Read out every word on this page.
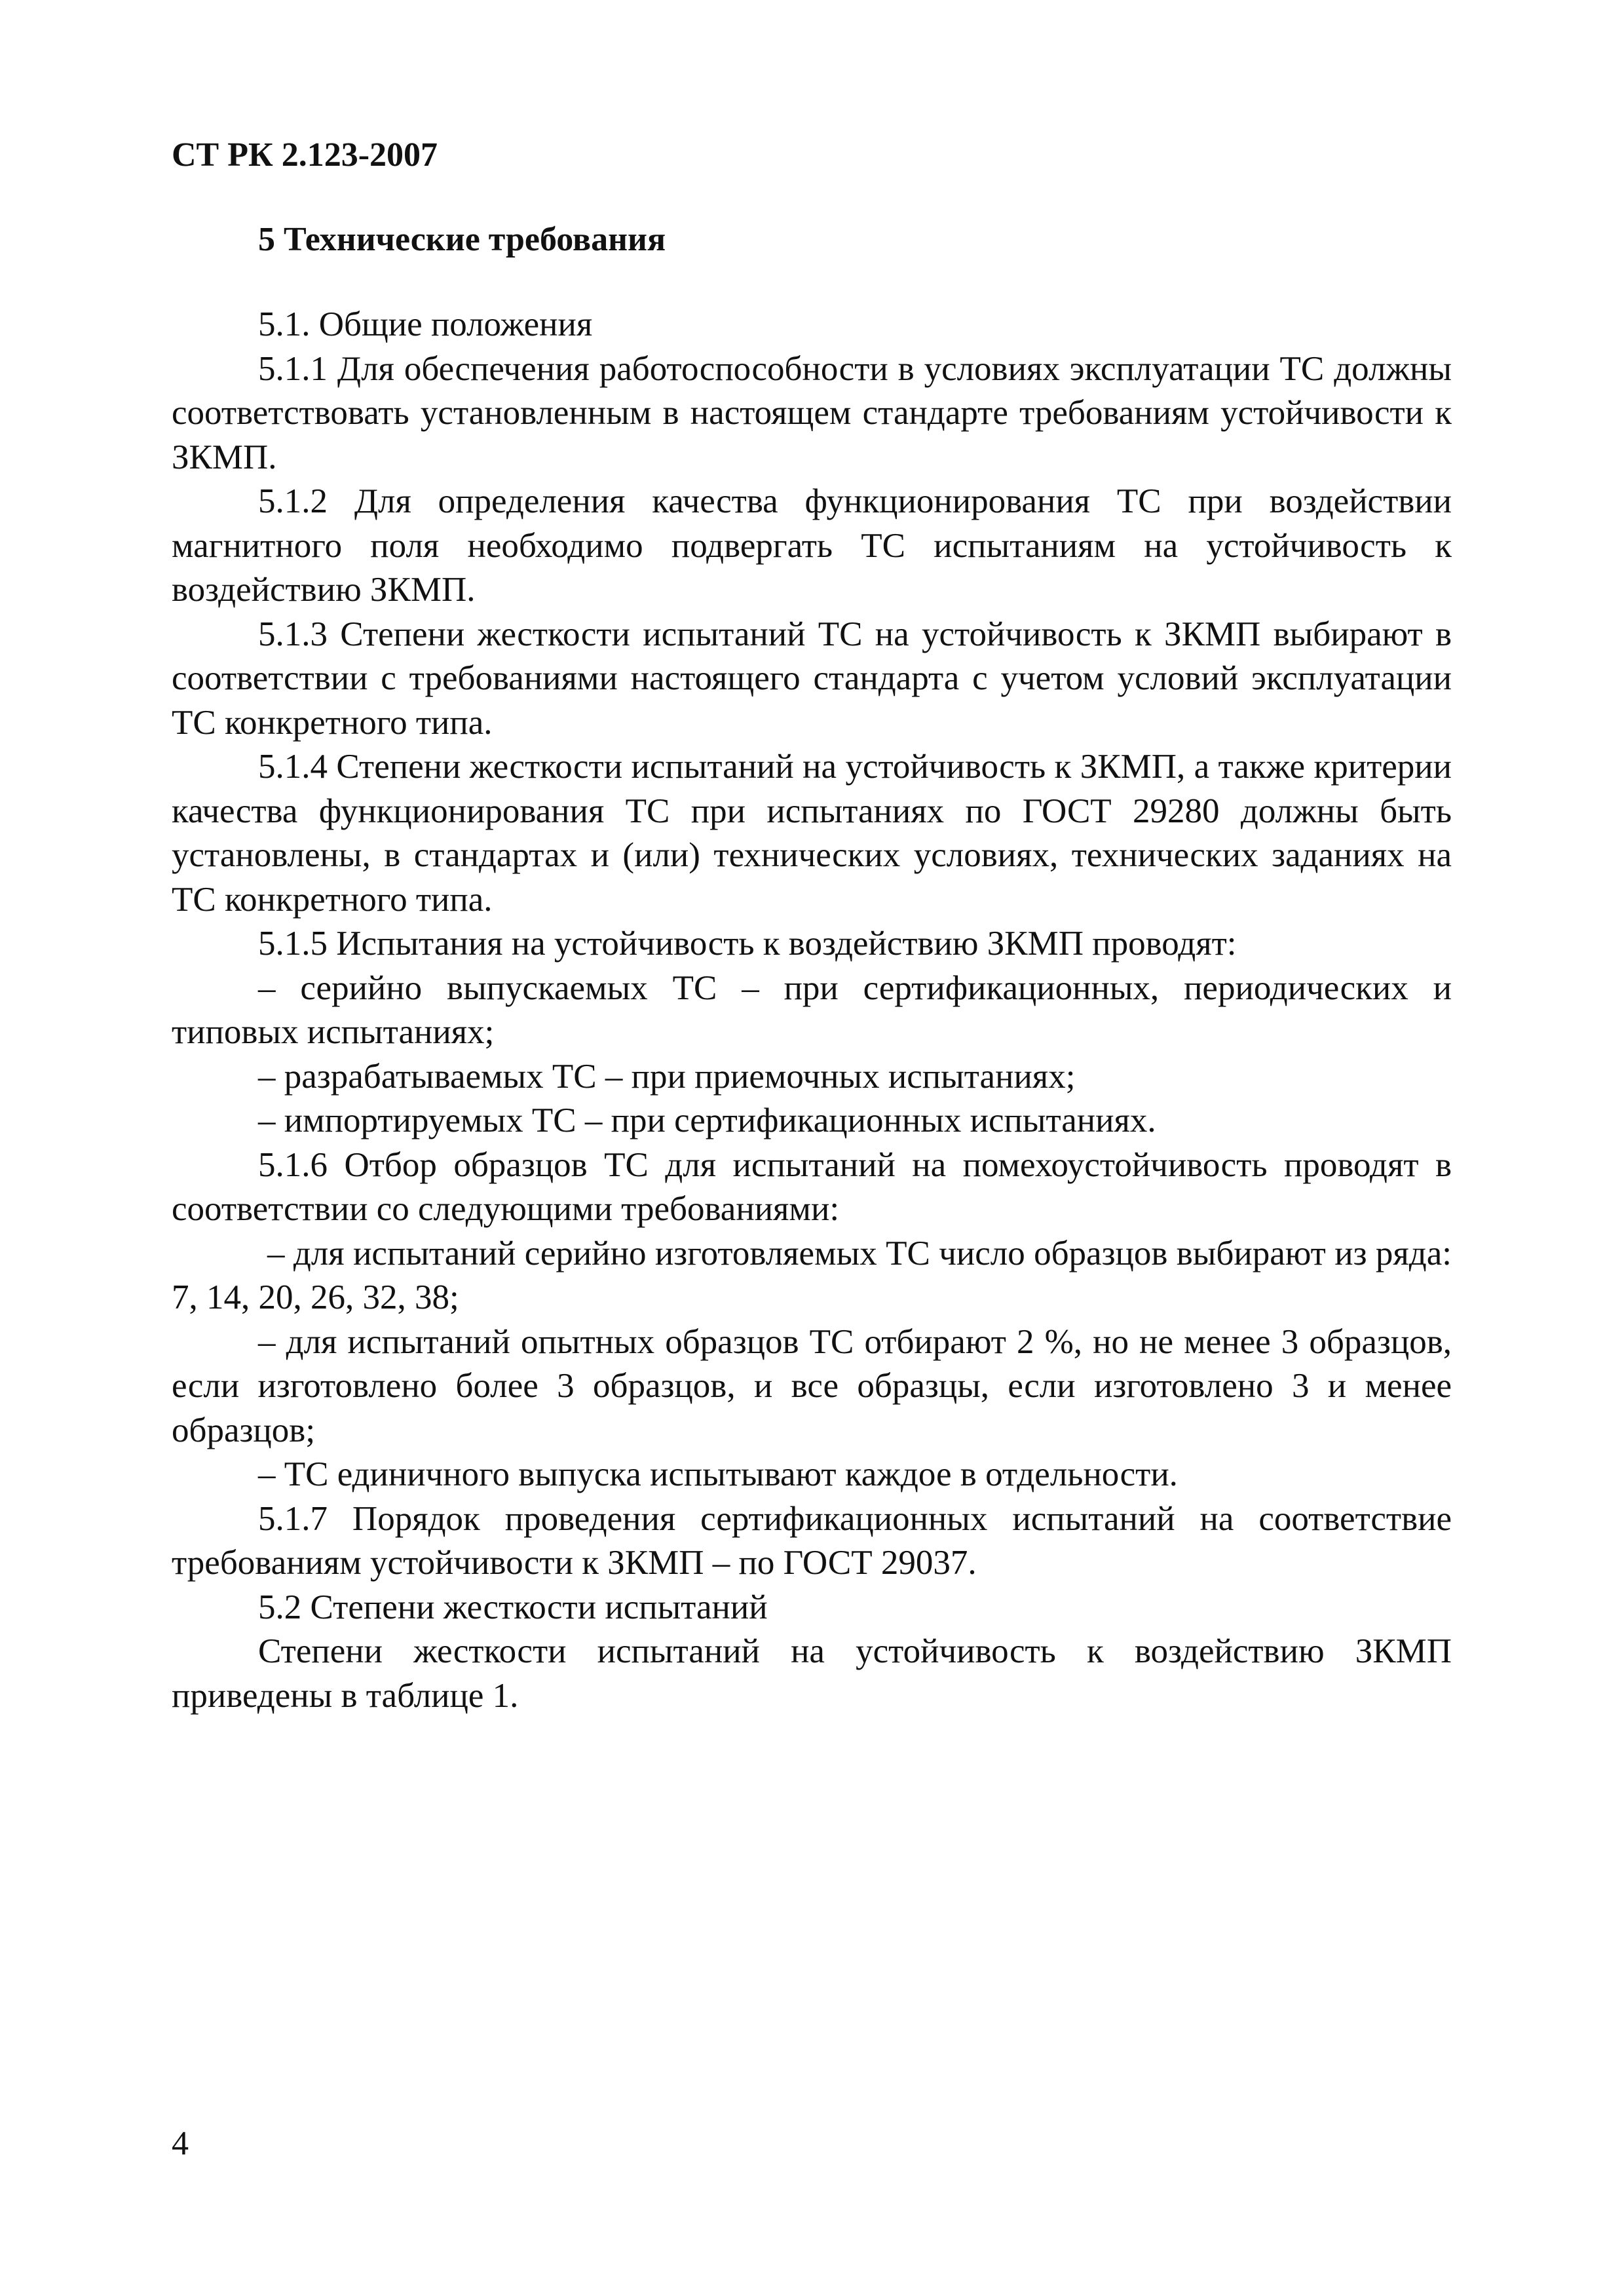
СТ РК 2.123-2007

5 Технические требования

5.1. Общие положения

5.1.1 Для обеспечения работоспособности в условиях эксплуатации ТС должны соответствовать установленным в настоящем стандарте требованиям устойчивости к ЗКМП.

5.1.2 Для определения качества функционирования ТС при воздействии магнитного поля необходимо подвергать ТС испытаниям на устойчивость к воздействию ЗКМП.

5.1.3 Степени жесткости испытаний ТС на устойчивость к ЗКМП выбирают в соответствии с требованиями настоящего стандарта с учетом условий эксплуатации ТС конкретного типа.

5.1.4 Степени жесткости испытаний на устойчивость к ЗКМП, а также критерии качества функционирования ТС при испытаниях по ГОСТ 29280 должны быть установлены, в стандартах и (или) технических условиях, технических заданиях на ТС конкретного типа.

5.1.5 Испытания на устойчивость к воздействию ЗКМП проводят:

– серийно выпускаемых ТС – при сертификационных, периодических и типовых испытаниях;

– разрабатываемых ТС – при приемочных испытаниях;

– импортируемых ТС – при сертификационных испытаниях.

5.1.6 Отбор образцов ТС для испытаний на помехоустойчивость проводят в соответствии со следующими требованиями:

– для испытаний серийно изготовляемых ТС число образцов выбирают из ряда: 7, 14, 20, 26, 32, 38;

– для испытаний опытных образцов ТС отбирают 2 %, но не менее 3 образцов, если изготовлено более 3 образцов, и все образцы, если изготовлено 3 и менее образцов;

– ТС единичного выпуска испытывают каждое в отдельности.

5.1.7 Порядок проведения сертификационных испытаний на соответствие требованиям устойчивости к ЗКМП – по ГОСТ 29037.

5.2 Степени жесткости испытаний

Степени жесткости испытаний на устойчивость к воздействию ЗКМП приведены в таблице 1.

4
